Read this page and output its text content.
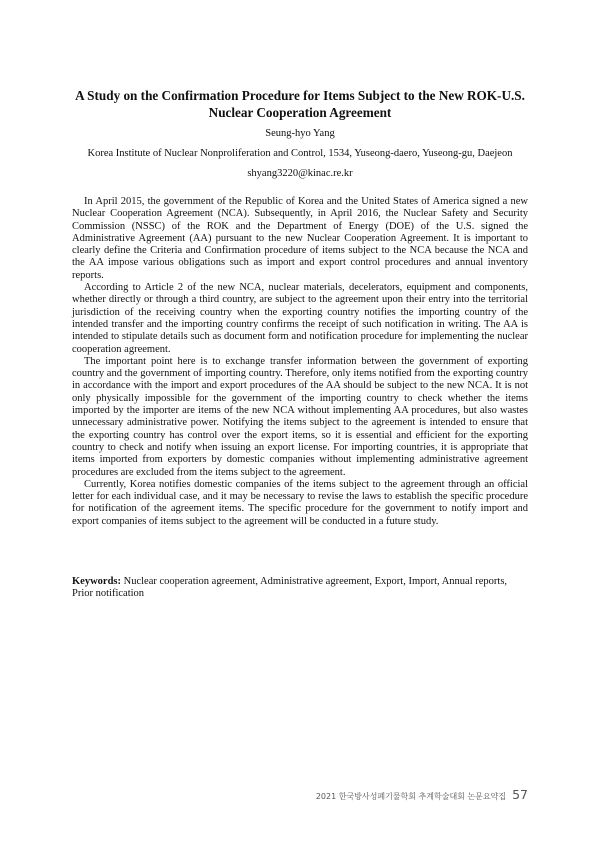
A Study on the Confirmation Procedure for Items Subject to the New ROK-U.S.
Nuclear Cooperation Agreement
Seung-hyo Yang
Korea Institute of Nuclear Nonproliferation and Control, 1534, Yuseong-daero, Yuseong-gu, Daejeon
shyang3220@kinac.re.kr

In April 2015, the government of the Republic of Korea and the United States of America signed a new Nuclear Cooperation Agreement (NCA). Subsequently, in April 2016, the Nuclear Safety and Security Commission (NSSC) of the ROK and the Department of Energy (DOE) of the U.S. signed the Administrative Agreement (AA) pursuant to the new Nuclear Cooperation Agreement. It is important to clearly define the Criteria and Confirmation procedure of items subject to the NCA because the NCA and the AA impose various obligations such as import and export control procedures and annual inventory reports.

According to Article 2 of the new NCA, nuclear materials, decelerators, equipment and components, whether directly or through a third country, are subject to the agreement upon their entry into the territorial jurisdiction of the receiving country when the exporting country notifies the importing country of the intended transfer and the importing country confirms the receipt of such notification in writing. The AA is intended to stipulate details such as document form and notification procedure for implementing the nuclear cooperation agreement.

The important point here is to exchange transfer information between the government of exporting country and the government of importing country. Therefore, only items notified from the exporting country in accordance with the import and export procedures of the AA should be subject to the new NCA. It is not only physically impossible for the government of the importing country to check whether the items imported by the importer are items of the new NCA without implementing AA procedures, but also wastes unnecessary administrative power. Notifying the items subject to the agreement is intended to ensure that the exporting country has control over the export items, so it is essential and efficient for the exporting country to check and notify when issuing an export license. For importing countries, it is appropriate that items imported from exporters by domestic companies without implementing administrative agreement procedures are excluded from the items subject to the agreement.

Currently, Korea notifies domestic companies of the items subject to the agreement through an official letter for each individual case, and it may be necessary to revise the laws to establish the specific procedure for notification of the agreement items. The specific procedure for the government to notify import and export companies of items subject to the agreement will be conducted in a future study.

Keywords: Nuclear cooperation agreement, Administrative agreement, Export, Import, Annual reports, Prior notification
2021 한국방사성폐기물학회 추계학술대회 논문요약집 57
